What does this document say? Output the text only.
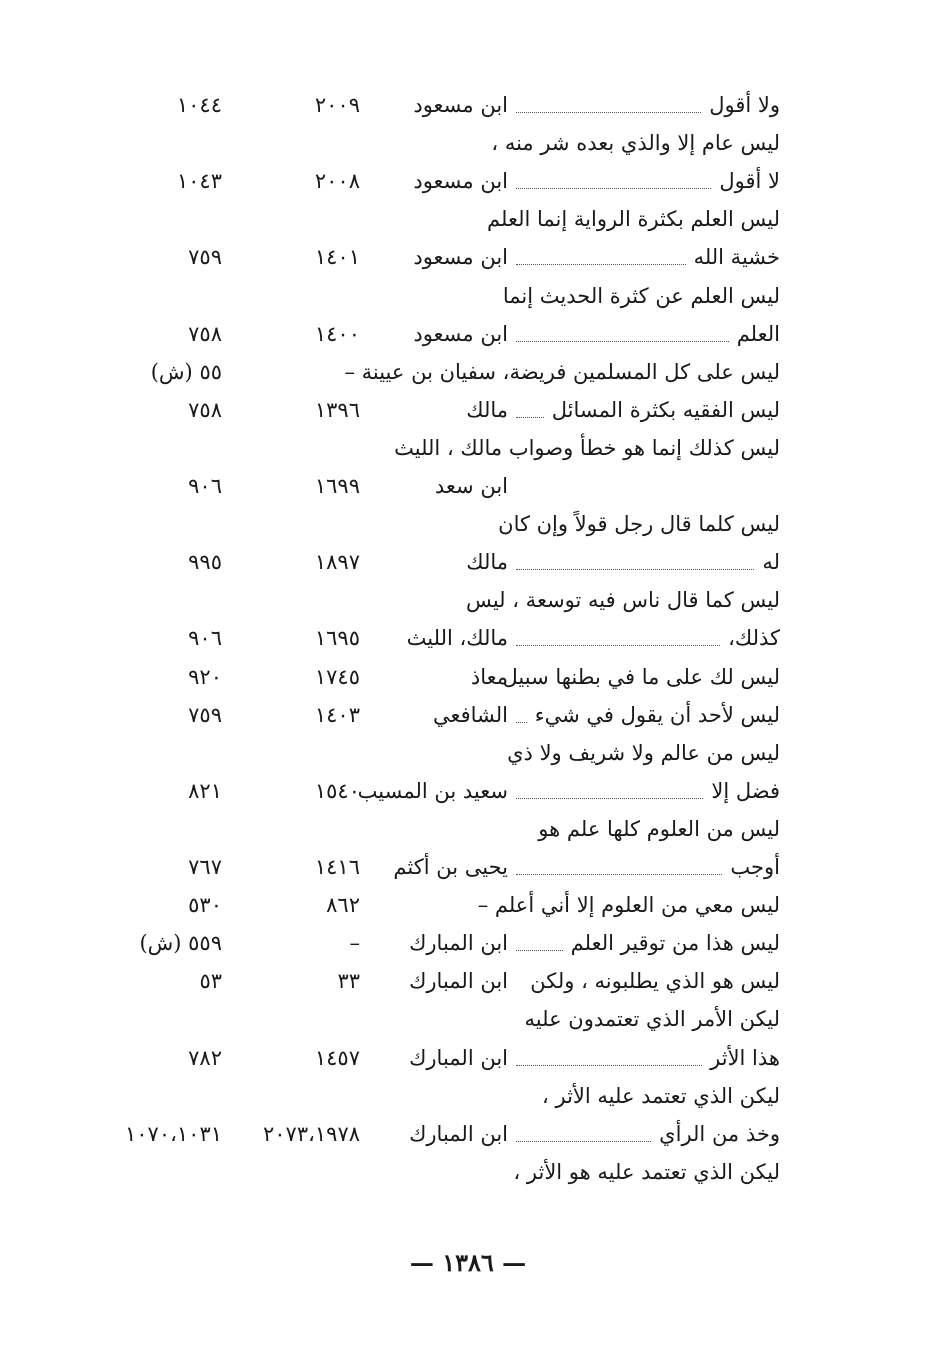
ولا أقول
ابن مسعود
٢٠٠٩
١٠٤٤
ليس عام إلا والذي بعده شر منه ،
لا أقول
ابن مسعود
٢٠٠٨
١٠٤٣
ليس العلم بكثرة الرواية إنما العلم
خشية الله
ابن مسعود
١٤٠١
٧٥٩
ليس العلم عن كثرة الحديث إنما
العلم
ابن مسعود
١٤٠٠
٧٥٨
ليس على كل المسلمين فريضة، سفيان بن عيينة –
٥٥ (ش)
ليس الفقيه بكثرة المسائل
مالك
١٣٩٦
٧٥٨
ليس كذلك إنما هو خطأ وصواب مالك ، الليث
ابن سعد
١٦٩٩
٩٠٦
ليس كلما قال رجل قولاً وإن كان
له
مالك
١٨٩٧
٩٩٥
ليس كما قال ناس فيه توسعة ، ليس
كذلك،
مالك، الليث
١٦٩٥
٩٠٦
ليس لك على ما في بطنها سبيل
معاذ
١٧٤٥
٩٢٠
ليس لأحد أن يقول في شيء
الشافعي
١٤٠٣
٧٥٩
ليس من عالم ولا شريف ولا ذي
فضل إلا
سعيد بن المسيب
١٥٤٠
٨٢١
ليس من العلوم كلها علم هو
أوجب
يحيى بن أكثم
١٤١٦
٧٦٧
ليس معي من العلوم إلا أني أعلم –
٨٦٢
٥٣٠
ليس هذا من توقير العلم
ابن المبارك
–
٥٥٩ (ش)
ليس هو الذي يطلبونه ، ولكن
ابن المبارك
٣٣
٥٣
ليكن الأمر الذي تعتمدون عليه
هذا الأثر
ابن المبارك
١٤٥٧
٧٨٢
ليكن الذي تعتمد عليه الأثر ،
وخذ من الرأي
ابن المبارك
٢٠٧٣،١٩٧٨
١٠٧٠،١٠٣١
ليكن الذي تعتمد عليه هو الأثر ،
— ١٣٨٦ —
